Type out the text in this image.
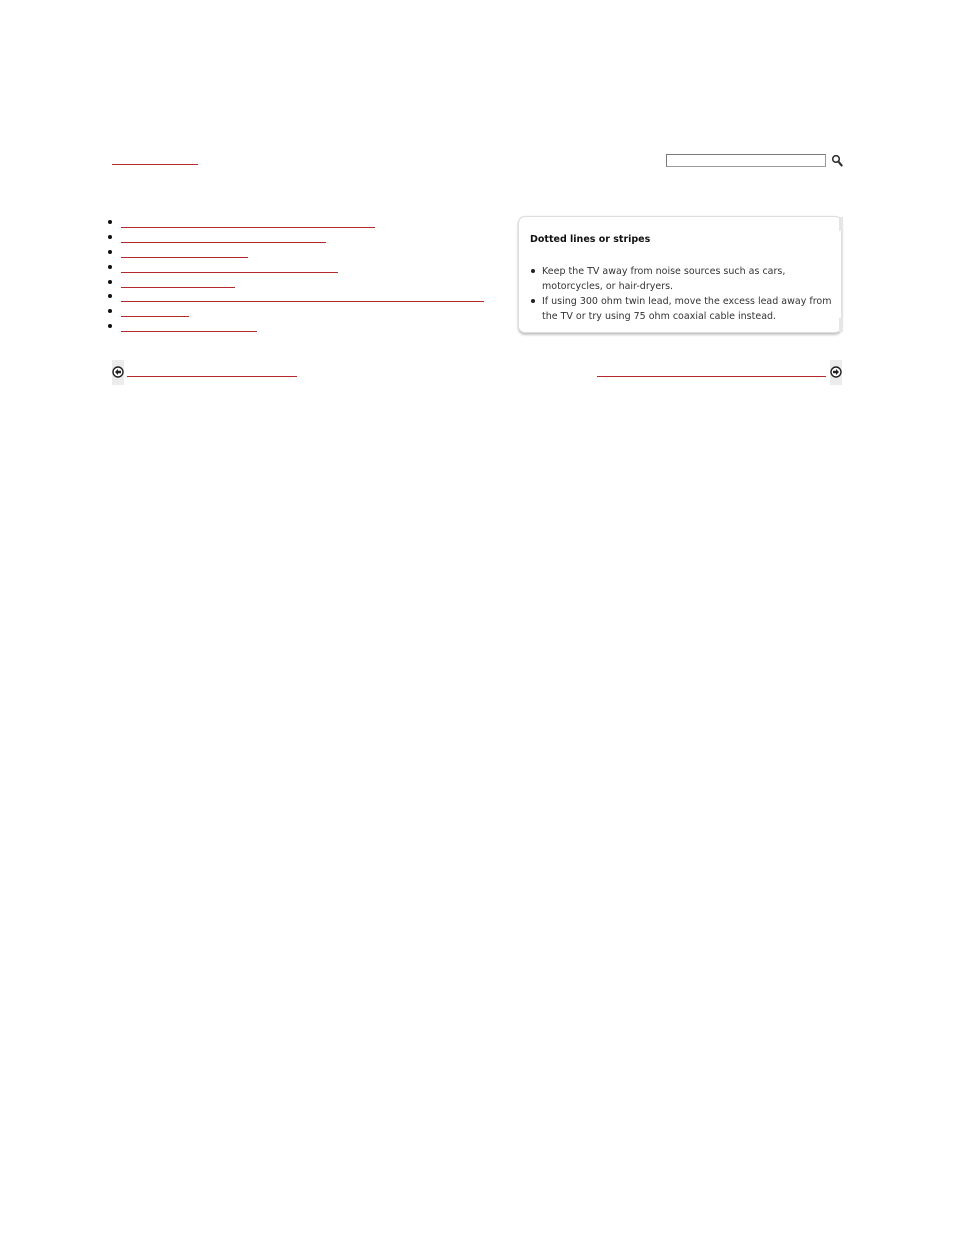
Dotted lines or stripes
Keep the TV away from noise sources such as cars, motorcycles, or hair-dryers.
If using 300 ohm twin lead, move the excess lead away from the TV or try using 75 ohm coaxial cable instead.
